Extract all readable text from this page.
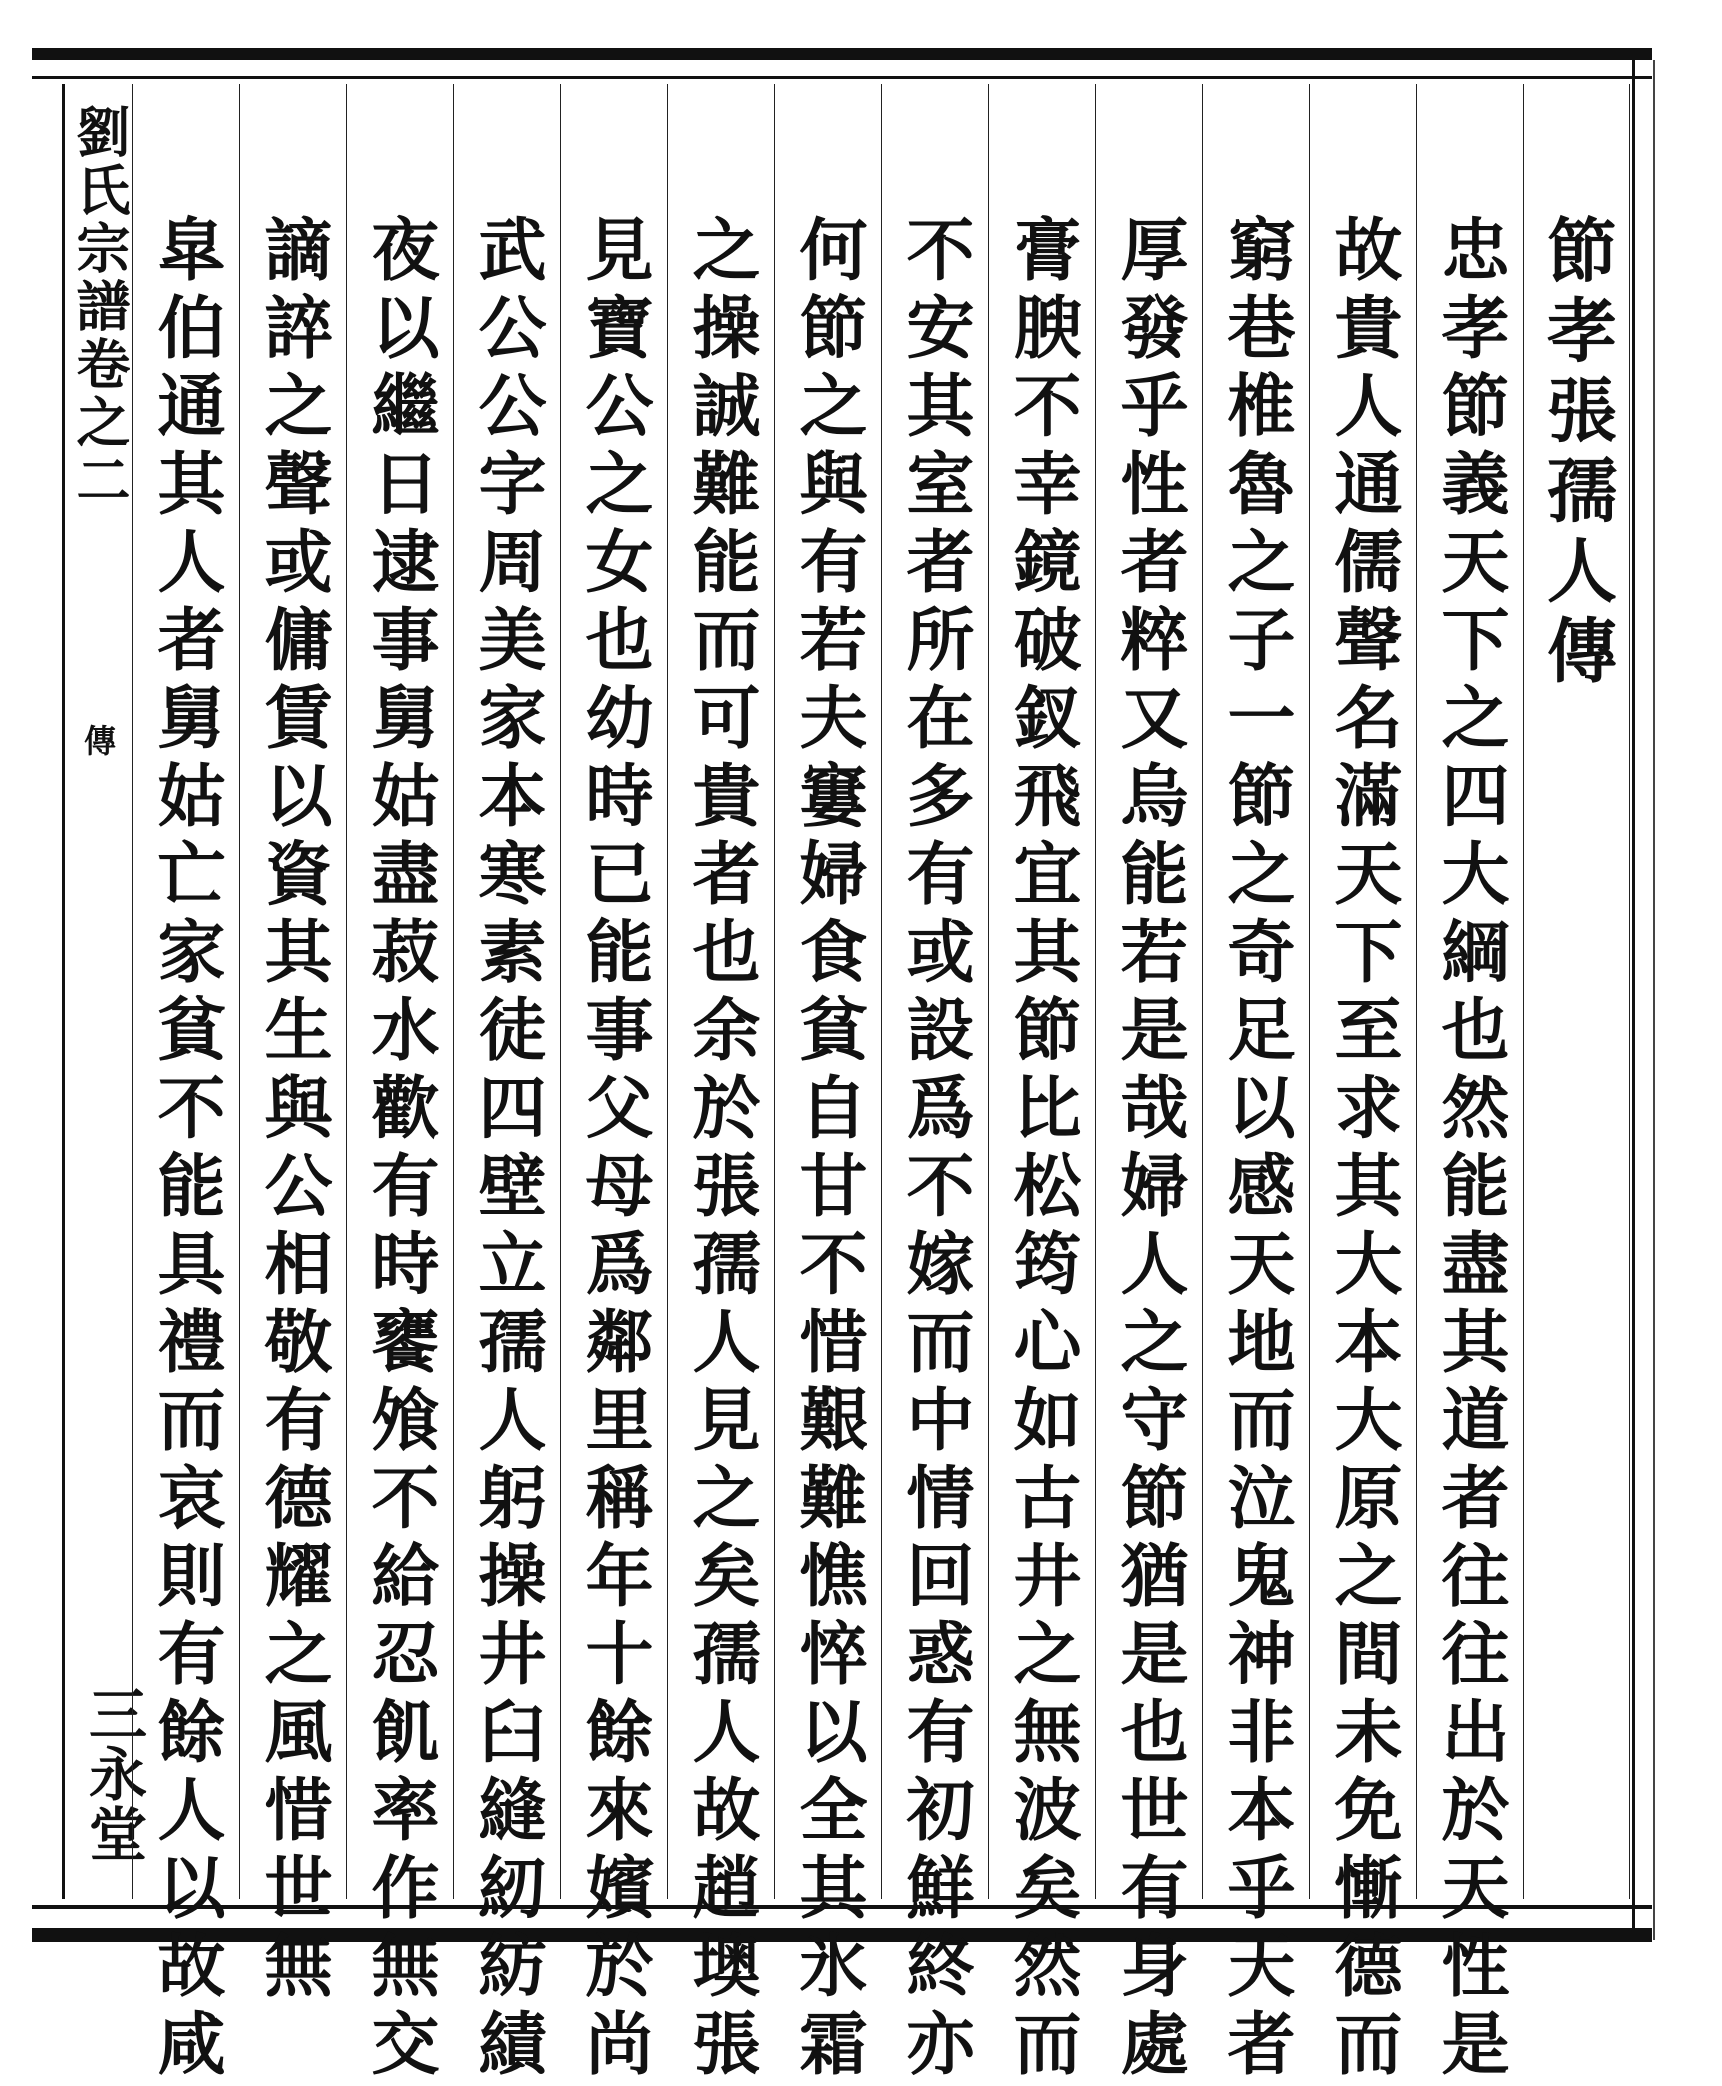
劉氏宗譜卷之二
傳
三永堂
節孝張孺人傳
忠孝節義天下之四大綱也然能盡其道者往往出於天性是
故貴人通儒聲名滿天下至求其大本大原之間未免慚德而
窮巷椎魯之子一節之奇足以感天地而泣鬼神非本乎天者
厚發乎性者粹又烏能若是哉婦人之守節猶是也世有身處
膏腴不幸鏡破釵飛宜其節比松筠心如古井之無波矣然而
不安其室者所在多有或設爲不嫁而中情回惑有初鮮終亦
何節之與有若夫窶婦食貧自甘不惜艱難憔悴以全其氷霜
之操誠難能而可貴者也余於張孺人見之矣孺人故趙墺張
見寶公之女也幼時已能事父母爲鄰里稱年十餘來嬪於尚
武公公字周美家本寒素徒四壁立孺人躬操井臼縫紉紡績
夜以繼日逮事舅姑盡菽水歡有時饔飧不給忍飢率作無交
謫誶之聲或傭賃以資其生與公相敬有德耀之風惜世無
皐伯通其人者舅姑亡家貧不能具禮而哀則有餘人以故咸
